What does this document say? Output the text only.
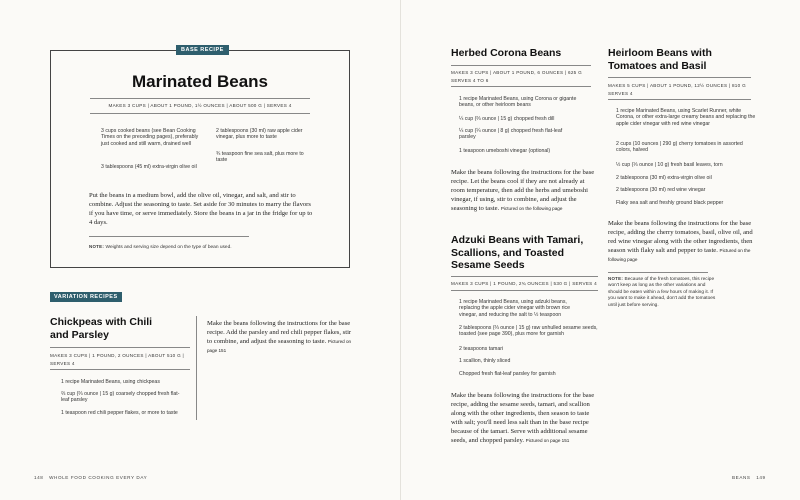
BASE RECIPE
Marinated Beans
MAKES 3 CUPS | ABOUT 1 POUND, 1½ OUNCES | ABOUT 500 G | SERVES 4
3 cups cooked beans (see Bean Cooking Times on the preceding pages), preferably just cooked and still warm, drained well
3 tablespoons (45 ml) extra-virgin olive oil
2 tablespoons (30 ml) raw apple cider vinegar, plus more to taste
¾ teaspoon fine sea salt, plus more to taste
Put the beans in a medium bowl, add the olive oil, vinegar, and salt, and stir to combine. Adjust the seasoning to taste. Set aside for 30 minutes to marry the flavors if you have time, or serve immediately. Store the beans in a jar in the fridge for up to 4 days.
NOTE: Weights and serving size depend on the type of bean used.
VARIATION RECIPES
Chickpeas with Chili
and Parsley
MAKES 3 CUPS | 1 POUND, 2 OUNCES | ABOUT 510 G |
SERVES 4
1 recipe Marinated Beans, using chickpeas
⅔ cup (⅔ ounce | 15 g) coarsely chopped fresh flat-leaf parsley
1 teaspoon red chili pepper flakes, or more to taste
Make the beans following the instructions for the base recipe. Add the parsley and red chili pepper flakes, stir to combine, and adjust the seasoning to taste. Pictured on page 151
148 WHOLE FOOD COOKING EVERY DAY
Herbed Corona Beans
MAKES 3 CUPS | ABOUT 1 POUND, 6 OUNCES | 625 G
SERVES 4 TO 6
1 recipe Marinated Beans, using Corona or gigante beans, or other heirloom beans
¼ cup (⅔ ounce | 15 g) chopped fresh dill
¼ cup (¼ ounce | 8 g) chopped fresh flat-leaf parsley
1 teaspoon umeboshi vinegar (optional)
Make the beans following the instructions for the base recipe. Let the beans cool if they are not already at room temperature, then add the herbs and umeboshi vinegar, if using, stir to combine, and adjust the seasoning to taste. Pictured on the following page
Adzuki Beans with Tamari,
Scallions, and Toasted
Sesame Seeds
MAKES 3 CUPS | 1 POUND, 2¾ OUNCES | 530 G | SERVES 4
1 recipe Marinated Beans, using adzuki beans, replacing the apple cider vinegar with brown rice vinegar, and reducing the salt to ½ teaspoon
2 tablespoons (⅔ ounce | 15 g) raw unhulled sesame seeds, toasted (see page 390), plus more for garnish
2 teaspoons tamari
1 scallion, thinly sliced
Chopped fresh flat-leaf parsley for garnish
Make the beans following the instructions for the base recipe, adding the sesame seeds, tamari, and scallion along with the other ingredients, then season to taste with salt; you'll need less salt than in the base recipe because of the tamari. Serve with additional sesame seeds, and chopped parsley. Pictured on page 151
Heirloom Beans with
Tomatoes and Basil
MAKES 5 CUPS | ABOUT 1 POUND, 12½ OUNCES | 810 G
SERVES 4
1 recipe Marinated Beans, using Scarlet Runner, white Corona, or other extra-large creamy beans and replacing the apple cider vinegar with red wine vinegar
2 cups (10 ounces | 290 g) cherry tomatoes in assorted colors, halved
½ cup (⅓ ounce | 10 g) fresh basil leaves, torn
2 tablespoons (30 ml) extra-virgin olive oil
2 tablespoons (30 ml) red wine vinegar
Flaky sea salt and freshly ground black pepper
Make the beans following the instructions for the base recipe, adding the cherry tomatoes, basil, olive oil, and red wine vinegar along with the other ingredients, then season with flaky salt and pepper to taste. Pictured on the following page
NOTE: Because of the fresh tomatoes, this recipe won't keep as long as the other variations and should be eaten within a few hours of making it. If you want to make it ahead, don't add the tomatoes until just before serving.
BEANS 149
